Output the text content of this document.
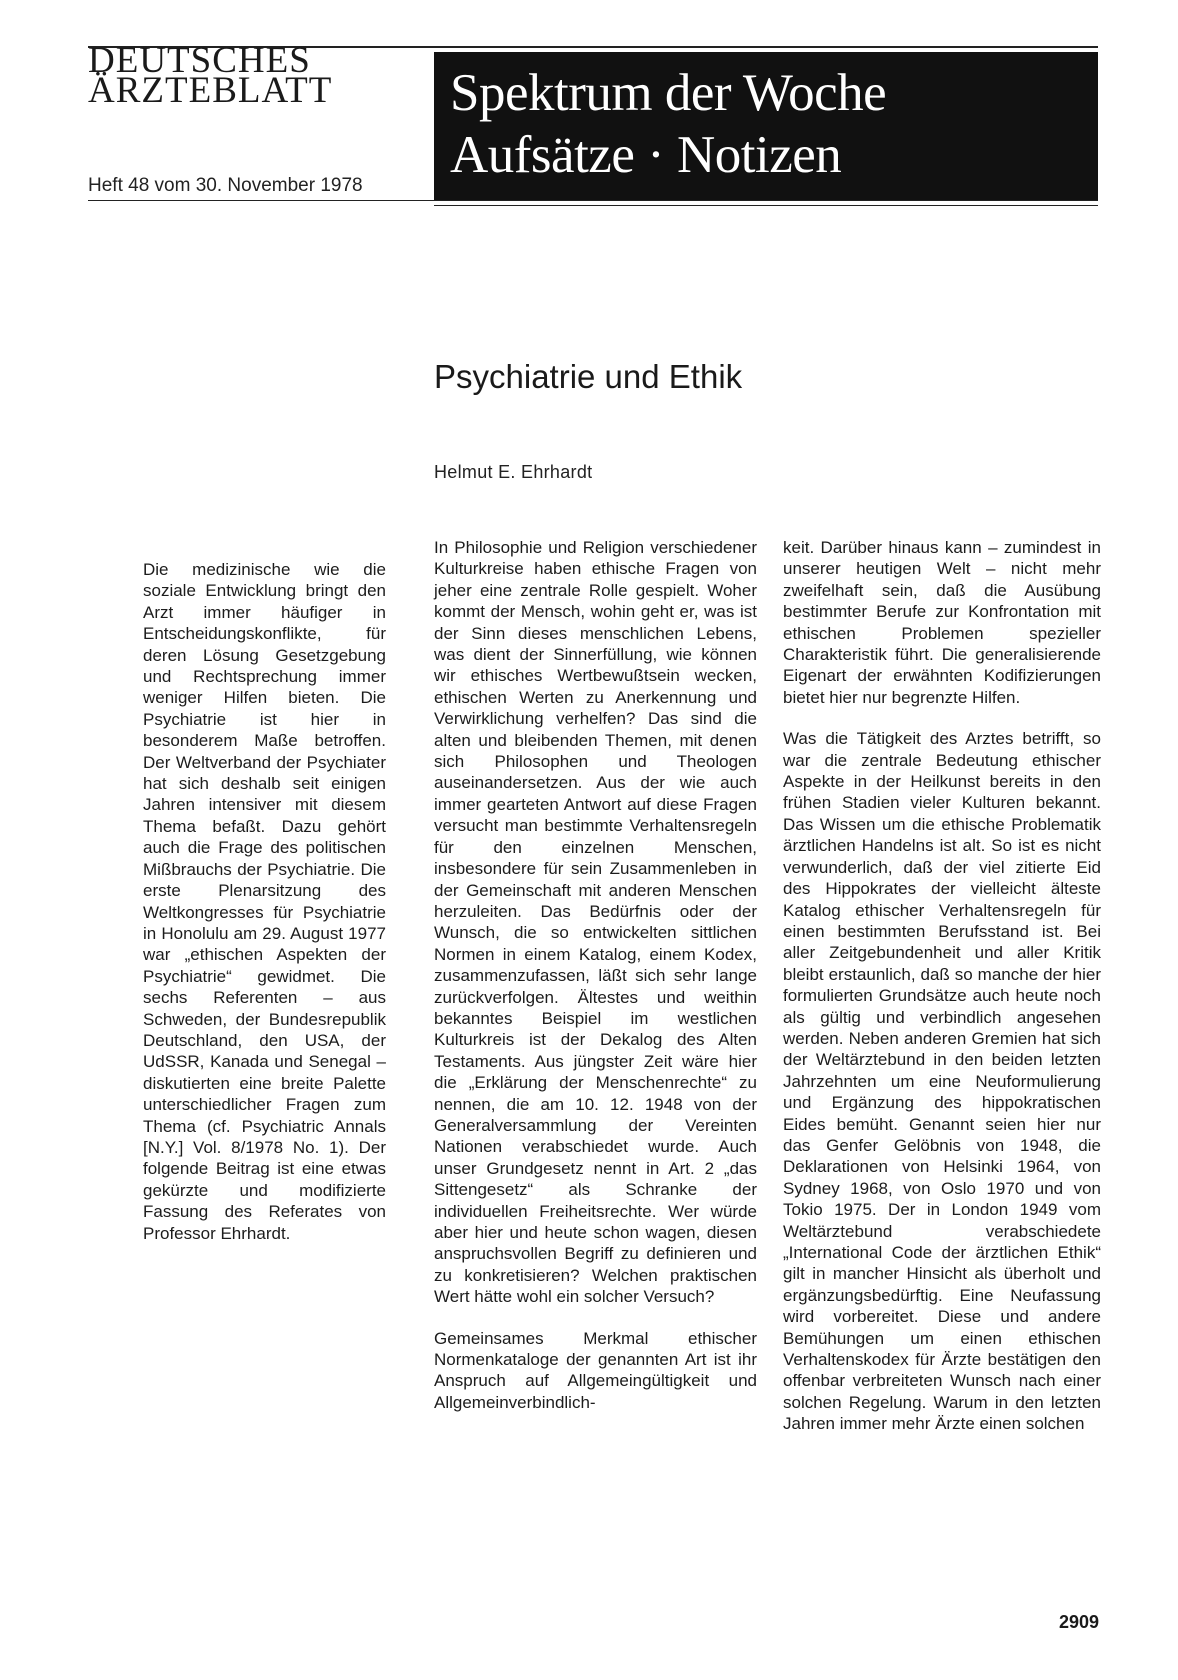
DEUTSCHES
ÄRZTEBLATT
Heft 48 vom 30. November 1978
Spektrum der Woche
Aufsätze · Notizen
Psychiatrie und Ethik
Helmut E. Ehrhardt

Die medizinische wie die soziale Entwicklung bringt den Arzt immer häufiger in Entscheidungskonflikte, für deren Lösung Gesetzgebung und Rechtsprechung immer weniger Hilfen bieten. Die Psychiatrie ist hier in besonderem Maße betroffen. Der Weltverband der Psychiater hat sich deshalb seit einigen Jahren intensiver mit diesem Thema befaßt. Dazu gehört auch die Frage des politischen Mißbrauchs der Psychiatrie. Die erste Plenarsitzung des Weltkongresses für Psychiatrie in Honolulu am 29. August 1977 war „ethischen Aspekten der Psychiatrie“ gewidmet. Die sechs Referenten – aus Schweden, der Bundesrepublik Deutschland, den USA, der UdSSR, Kanada und Senegal – diskutierten eine breite Palette unterschiedlicher Fragen zum Thema (cf. Psychiatric Annals [N.Y.] Vol. 8/1978 No. 1). Der folgende Beitrag ist eine etwas gekürzte und modifizierte Fassung des Referates von Professor Ehrhardt.

In Philosophie und Religion verschiedener Kulturkreise haben ethische Fragen von jeher eine zentrale Rolle gespielt. Woher kommt der Mensch, wohin geht er, was ist der Sinn dieses menschlichen Lebens, was dient der Sinnerfüllung, wie können wir ethisches Wertbewußtsein wecken, ethischen Werten zu Anerkennung und Verwirklichung verhelfen? Das sind die alten und bleibenden Themen, mit denen sich Philosophen und Theologen auseinandersetzen. Aus der wie auch immer gearteten Antwort auf diese Fragen versucht man bestimmte Verhaltensregeln für den einzelnen Menschen, insbesondere für sein Zusammenleben in der Gemeinschaft mit anderen Menschen herzuleiten. Das Bedürfnis oder der Wunsch, die so entwickelten sittlichen Normen in einem Katalog, einem Kodex, zusammenzufassen, läßt sich sehr lange zurückverfolgen. Ältestes und weithin bekanntes Beispiel im westlichen Kulturkreis ist der Dekalog des Alten Testaments. Aus jüngster Zeit wäre hier die „Erklärung der Menschenrechte“ zu nennen, die am 10. 12. 1948 von der Generalversammlung der Vereinten Nationen verabschiedet wurde. Auch unser Grundgesetz nennt in Art. 2 „das Sittengesetz“ als Schranke der individuellen Freiheitsrechte. Wer würde aber hier und heute schon wagen, diesen anspruchsvollen Begriff zu definieren und zu konkretisieren? Welchen praktischen Wert hätte wohl ein solcher Versuch?

Gemeinsames Merkmal ethischer Normenkataloge der genannten Art ist ihr Anspruch auf Allgemeingültigkeit und Allgemeinverbindlich-

keit. Darüber hinaus kann – zumindest in unserer heutigen Welt – nicht mehr zweifelhaft sein, daß die Ausübung bestimmter Berufe zur Konfrontation mit ethischen Problemen spezieller Charakteristik führt. Die generalisierende Eigenart der erwähnten Kodifizierungen bietet hier nur begrenzte Hilfen.

Was die Tätigkeit des Arztes betrifft, so war die zentrale Bedeutung ethischer Aspekte in der Heilkunst bereits in den frühen Stadien vieler Kulturen bekannt. Das Wissen um die ethische Problematik ärztlichen Handelns ist alt. So ist es nicht verwunderlich, daß der viel zitierte Eid des Hippokrates der vielleicht älteste Katalog ethischer Verhaltensregeln für einen bestimmten Berufsstand ist. Bei aller Zeitgebundenheit und aller Kritik bleibt erstaunlich, daß so manche der hier formulierten Grundsätze auch heute noch als gültig und verbindlich angesehen werden. Neben anderen Gremien hat sich der Weltärztebund in den beiden letzten Jahrzehnten um eine Neuformulierung und Ergänzung des hippokratischen Eides bemüht. Genannt seien hier nur das Genfer Gelöbnis von 1948, die Deklarationen von Helsinki 1964, von Sydney 1968, von Oslo 1970 und von Tokio 1975. Der in London 1949 vom Weltärztebund verabschiedete „International Code der ärztlichen Ethik“ gilt in mancher Hinsicht als überholt und ergänzungsbedürftig. Eine Neufassung wird vorbereitet. Diese und andere Bemühungen um einen ethischen Verhaltenskodex für Ärzte bestätigen den offenbar verbreiteten Wunsch nach einer solchen Regelung. Warum in den letzten Jahren immer mehr Ärzte einen solchen

2909
